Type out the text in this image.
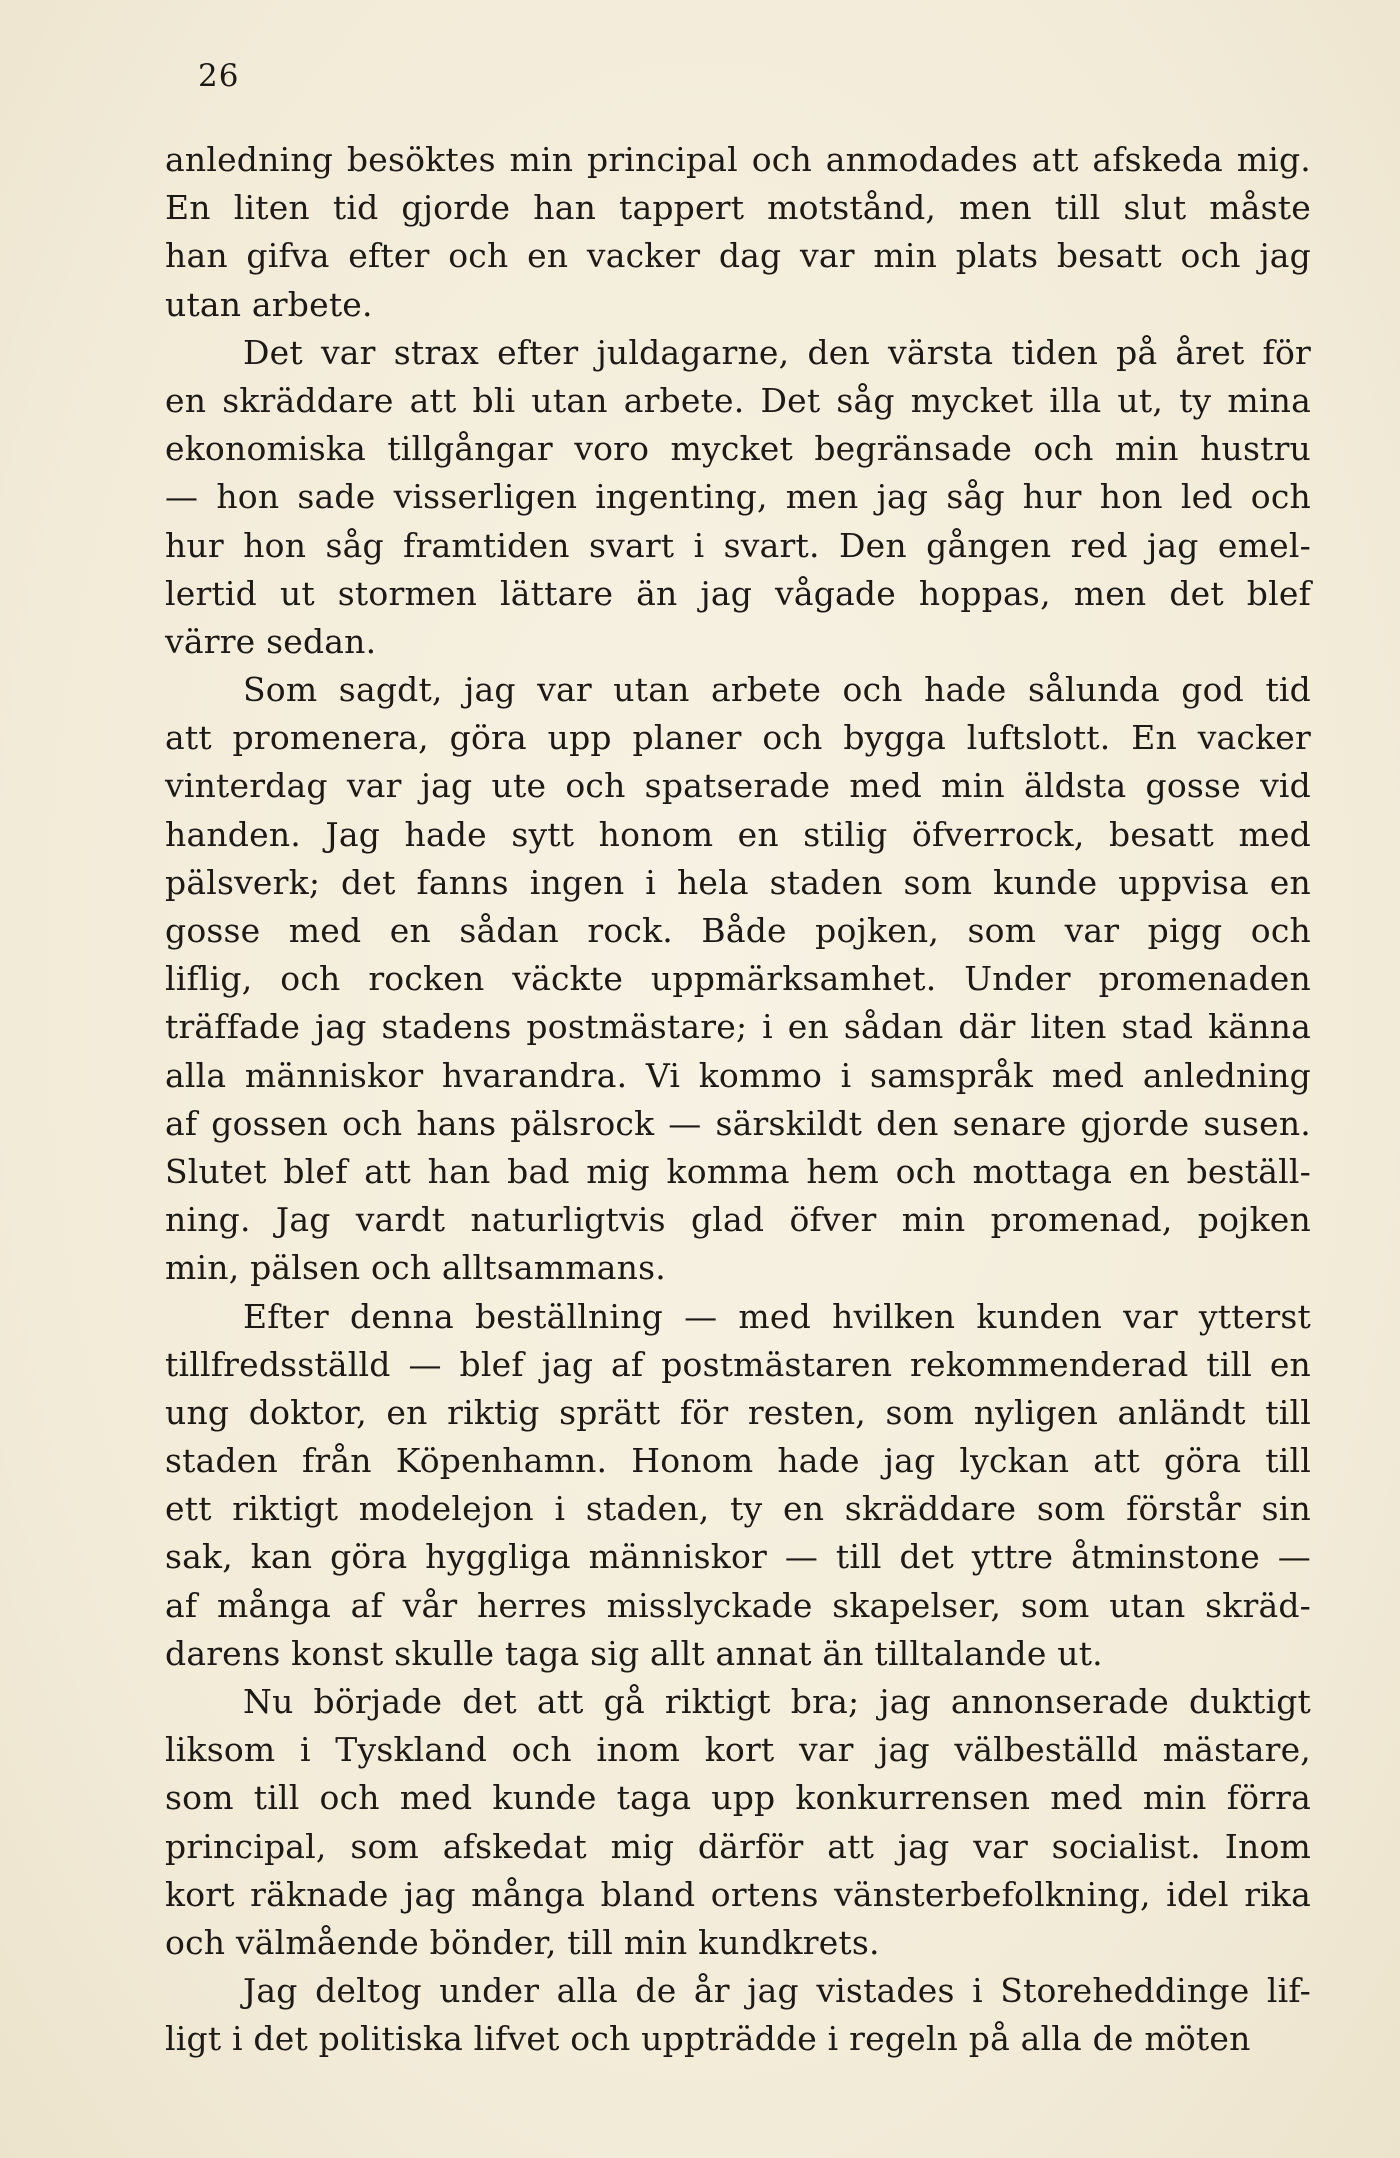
26
anledning besöktes min principal och anmodades att afskeda mig.
En liten tid gjorde han tappert motstånd, men till slut måste
han gifva efter och en vacker dag var min plats besatt och jag
utan arbete.
Det var strax efter juldagarne, den värsta tiden på året för
en skräddare att bli utan arbete. Det såg mycket illa ut, ty mina
ekonomiska tillgångar voro mycket begränsade och min hustru
— hon sade visserligen ingenting, men jag såg hur hon led och
hur hon såg framtiden svart i svart. Den gången red jag emel-
lertid ut stormen lättare än jag vågade hoppas, men det blef
värre sedan.
Som sagdt, jag var utan arbete och hade sålunda god tid
att promenera, göra upp planer och bygga luftslott. En vacker
vinterdag var jag ute och spatserade med min äldsta gosse vid
handen. Jag hade sytt honom en stilig öfverrock, besatt med
pälsverk; det fanns ingen i hela staden som kunde uppvisa en
gosse med en sådan rock. Både pojken, som var pigg och
liflig, och rocken väckte uppmärksamhet. Under promenaden
träffade jag stadens postmästare; i en sådan där liten stad känna
alla människor hvarandra. Vi kommo i samspråk med anledning
af gossen och hans pälsrock — särskildt den senare gjorde susen.
Slutet blef att han bad mig komma hem och mottaga en beställ-
ning. Jag vardt naturligtvis glad öfver min promenad, pojken
min, pälsen och alltsammans.
Efter denna beställning — med hvilken kunden var ytterst
tillfredsställd — blef jag af postmästaren rekommenderad till en
ung doktor, en riktig sprätt för resten, som nyligen anländt till
staden från Köpenhamn. Honom hade jag lyckan att göra till
ett riktigt modelejon i staden, ty en skräddare som förstår sin
sak, kan göra hyggliga människor — till det yttre åtminstone —
af många af vår herres misslyckade skapelser, som utan skräd-
darens konst skulle taga sig allt annat än tilltalande ut.
Nu började det att gå riktigt bra; jag annonserade duktigt
liksom i Tyskland och inom kort var jag välbeställd mästare,
som till och med kunde taga upp konkurrensen med min förra
principal, som afskedat mig därför att jag var socialist. Inom
kort räknade jag många bland ortens vänsterbefolkning, idel rika
och välmående bönder, till min kundkrets.
Jag deltog under alla de år jag vistades i Storeheddinge lif-
ligt i det politiska lifvet och uppträdde i regeln på alla de möten
